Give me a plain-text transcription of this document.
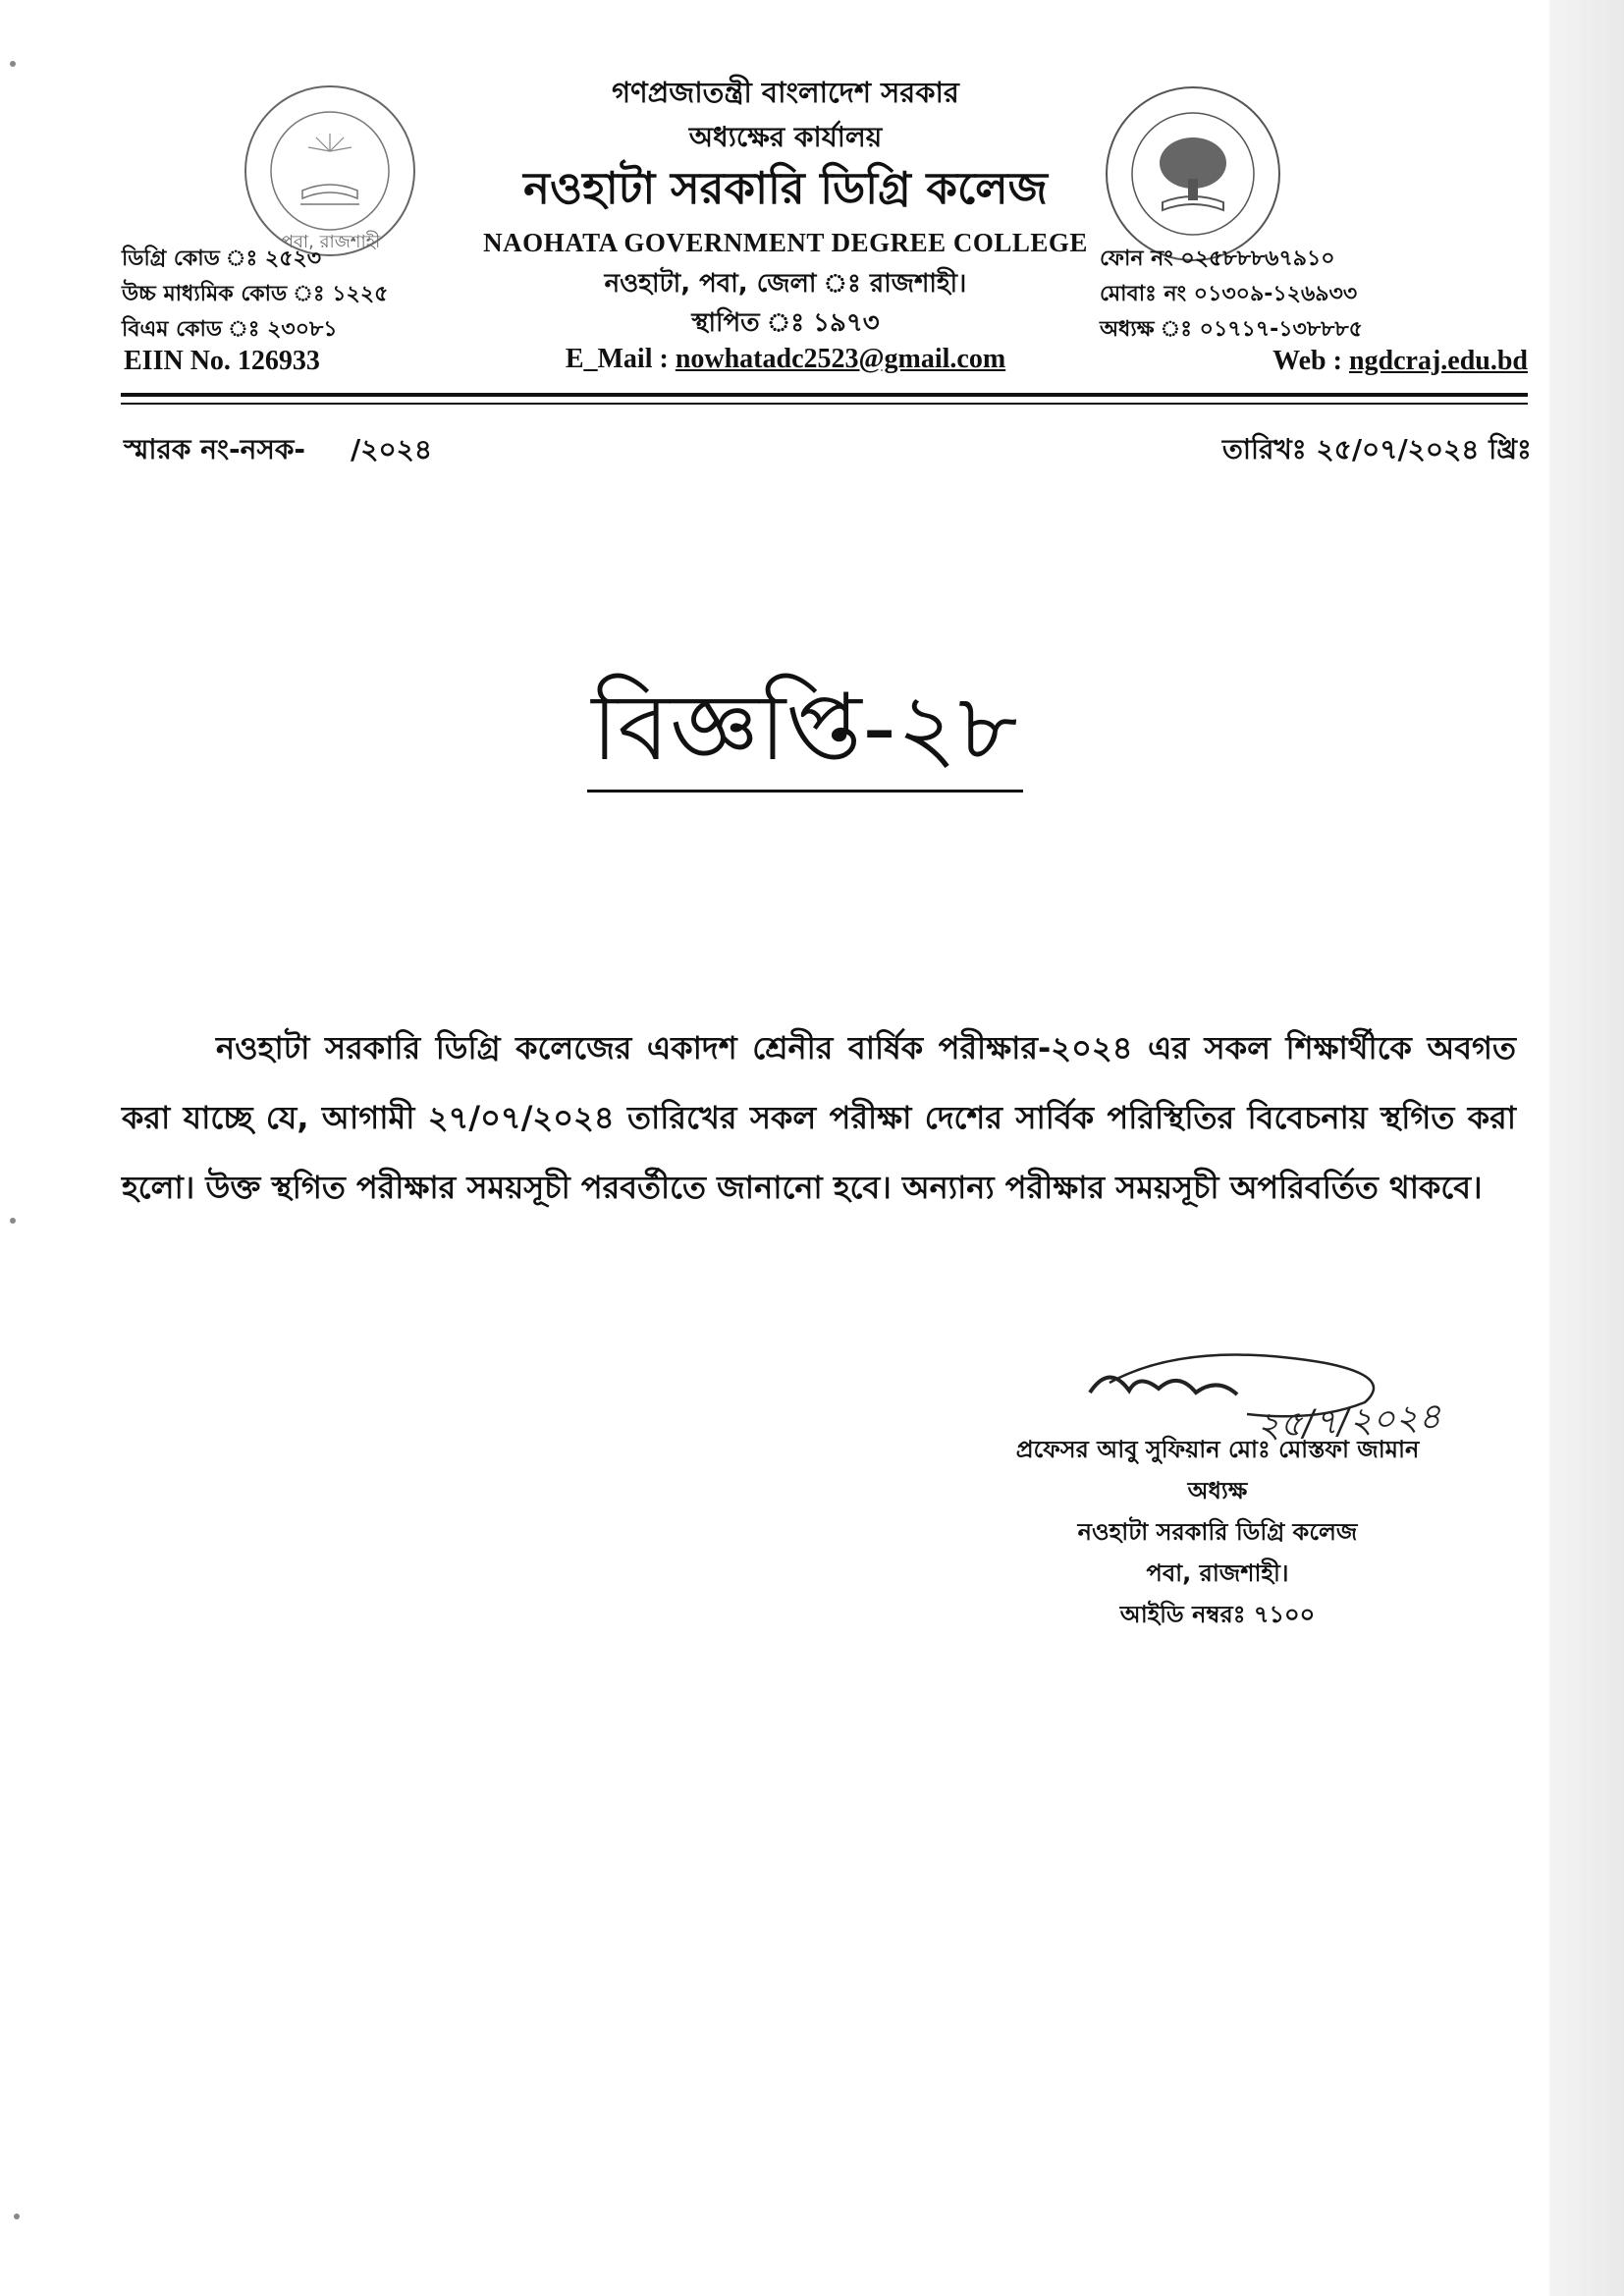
পবা, রাজশাহী
গণপ্রজাতন্ত্রী বাংলাদেশ সরকার
অধ্যক্ষের কার্যালয়
নওহাটা সরকারি ডিগ্রি কলেজ
NAOHATA GOVERNMENT DEGREE COLLEGE
নওহাটা, পবা, জেলা ঃ রাজশাহী।
স্থাপিত ঃ ১৯৭৩
E_Mail : nowhatadc2523@gmail.com
ডিগ্রি কোড ঃ ২৫২৩
উচ্চ মাধ্যমিক কোড ঃ ১২২৫
বিএম কোড ঃ ২৩০৮১
EIIN No. 126933
ফোন নং ০২৫৮৮৮৬৭৯১০
মোবাঃ নং ০১৩০৯-১২৬৯৩৩
অধ্যক্ষ ঃ ০১৭১৭-১৩৮৮৮৫
Web : ngdcraj.edu.bd
স্মারক নং-নসক- /২০২৪	তারিখঃ ২৫/০৭/২০২৪ খ্রিঃ
বিজ্ঞপ্তি-২৮
নওহাটা সরকারি ডিগ্রি কলেজের একাদশ শ্রেনীর বার্ষিক পরীক্ষার-২০২৪ এর সকল শিক্ষার্থীকে অবগত করা যাচ্ছে যে, আগামী ২৭/০৭/২০২৪ তারিখের সকল পরীক্ষা দেশের সার্বিক পরিস্থিতির বিবেচনায় স্থগিত করা হলো। উক্ত স্থগিত পরীক্ষার সময়সূচী পরবর্তীতে জানানো হবে। অন্যান্য পরীক্ষার সময়সূচী অপরিবর্তিত থাকবে।
২৫/৭/২০২৪
প্রফেসর আবু সুফিয়ান মোঃ মোস্তফা জামান
অধ্যক্ষ
নওহাটা সরকারি ডিগ্রি কলেজ
পবা, রাজশাহী।
আইডি নম্বরঃ ৭১০০
